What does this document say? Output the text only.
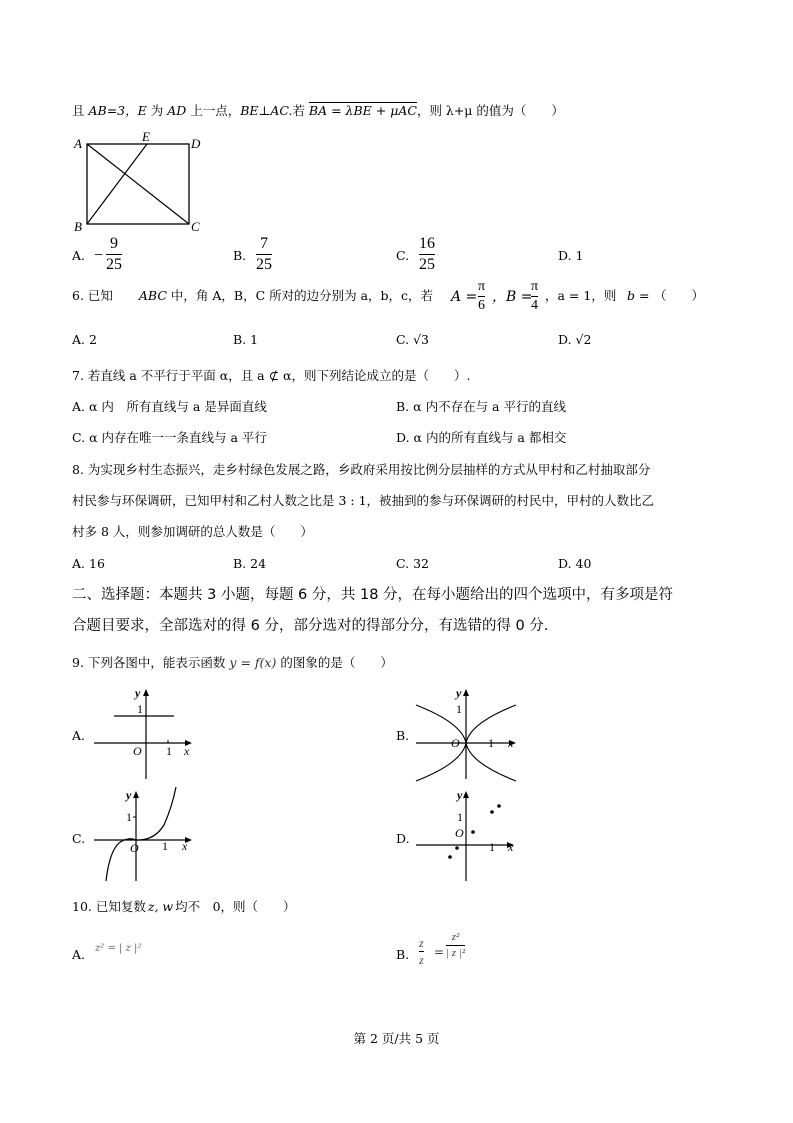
且 AB=3，E 为 AD 上一点，BE⊥AC.若 BA = λBE + μAC，则 λ+μ 的值为（　　）
A	E	D
B	C
A. −
9
25
B.
7
25
C.
16
25
D. 1
6. 已知 ABC 中，角 A，B，C 所对的边分别为 a，b，c，若 A =
π
6
，B =
π
4
，a = 1，则 b = （　　）
A. 2	B. 1	C. √3	D. √2
7. 若直线 a 不平行于平面 α，且 a ⊄ α，则下列结论成立的是（　　）.
A. α 内　所有直线与 a 是异面直线	B. α 内不存在与 a 平行的直线
C. α 内存在唯一一条直线与 a 平行	D. α 内的所有直线与 a 都相交
8. 为实现乡村生态振兴，走乡村绿色发展之路，乡政府采用按比例分层抽样的方式从甲村和乙村抽取部分
村民参与环保调研，已知甲村和乙村人数之比是 3 : 1，被抽到的参与环保调研的村民中，甲村的人数比乙
村多 8 人，则参加调研的总人数是（　　）
A. 16	B. 24	C. 32	D. 40
二、选择题：本题共 3 小题，每题 6 分，共 18 分，在每小题给出的四个选项中，有多项是符
合题目要求，全部选对的得 6 分，部分选对的得部分分，有选错的得 0 分.
9. 下列各图中，能表示函数 y = f(x) 的图象的是（　　）
A.
y
x
1
1
O
B.
y
x
1
1
O
C.
y
x
1
1
O
D.
y
x
1
1
O
10. 已知复数 z, w 均不　0，则（　　）
A. z² = | z |²	B.
z
z
=
z²
| z |²
第 2 页/共 5 页
